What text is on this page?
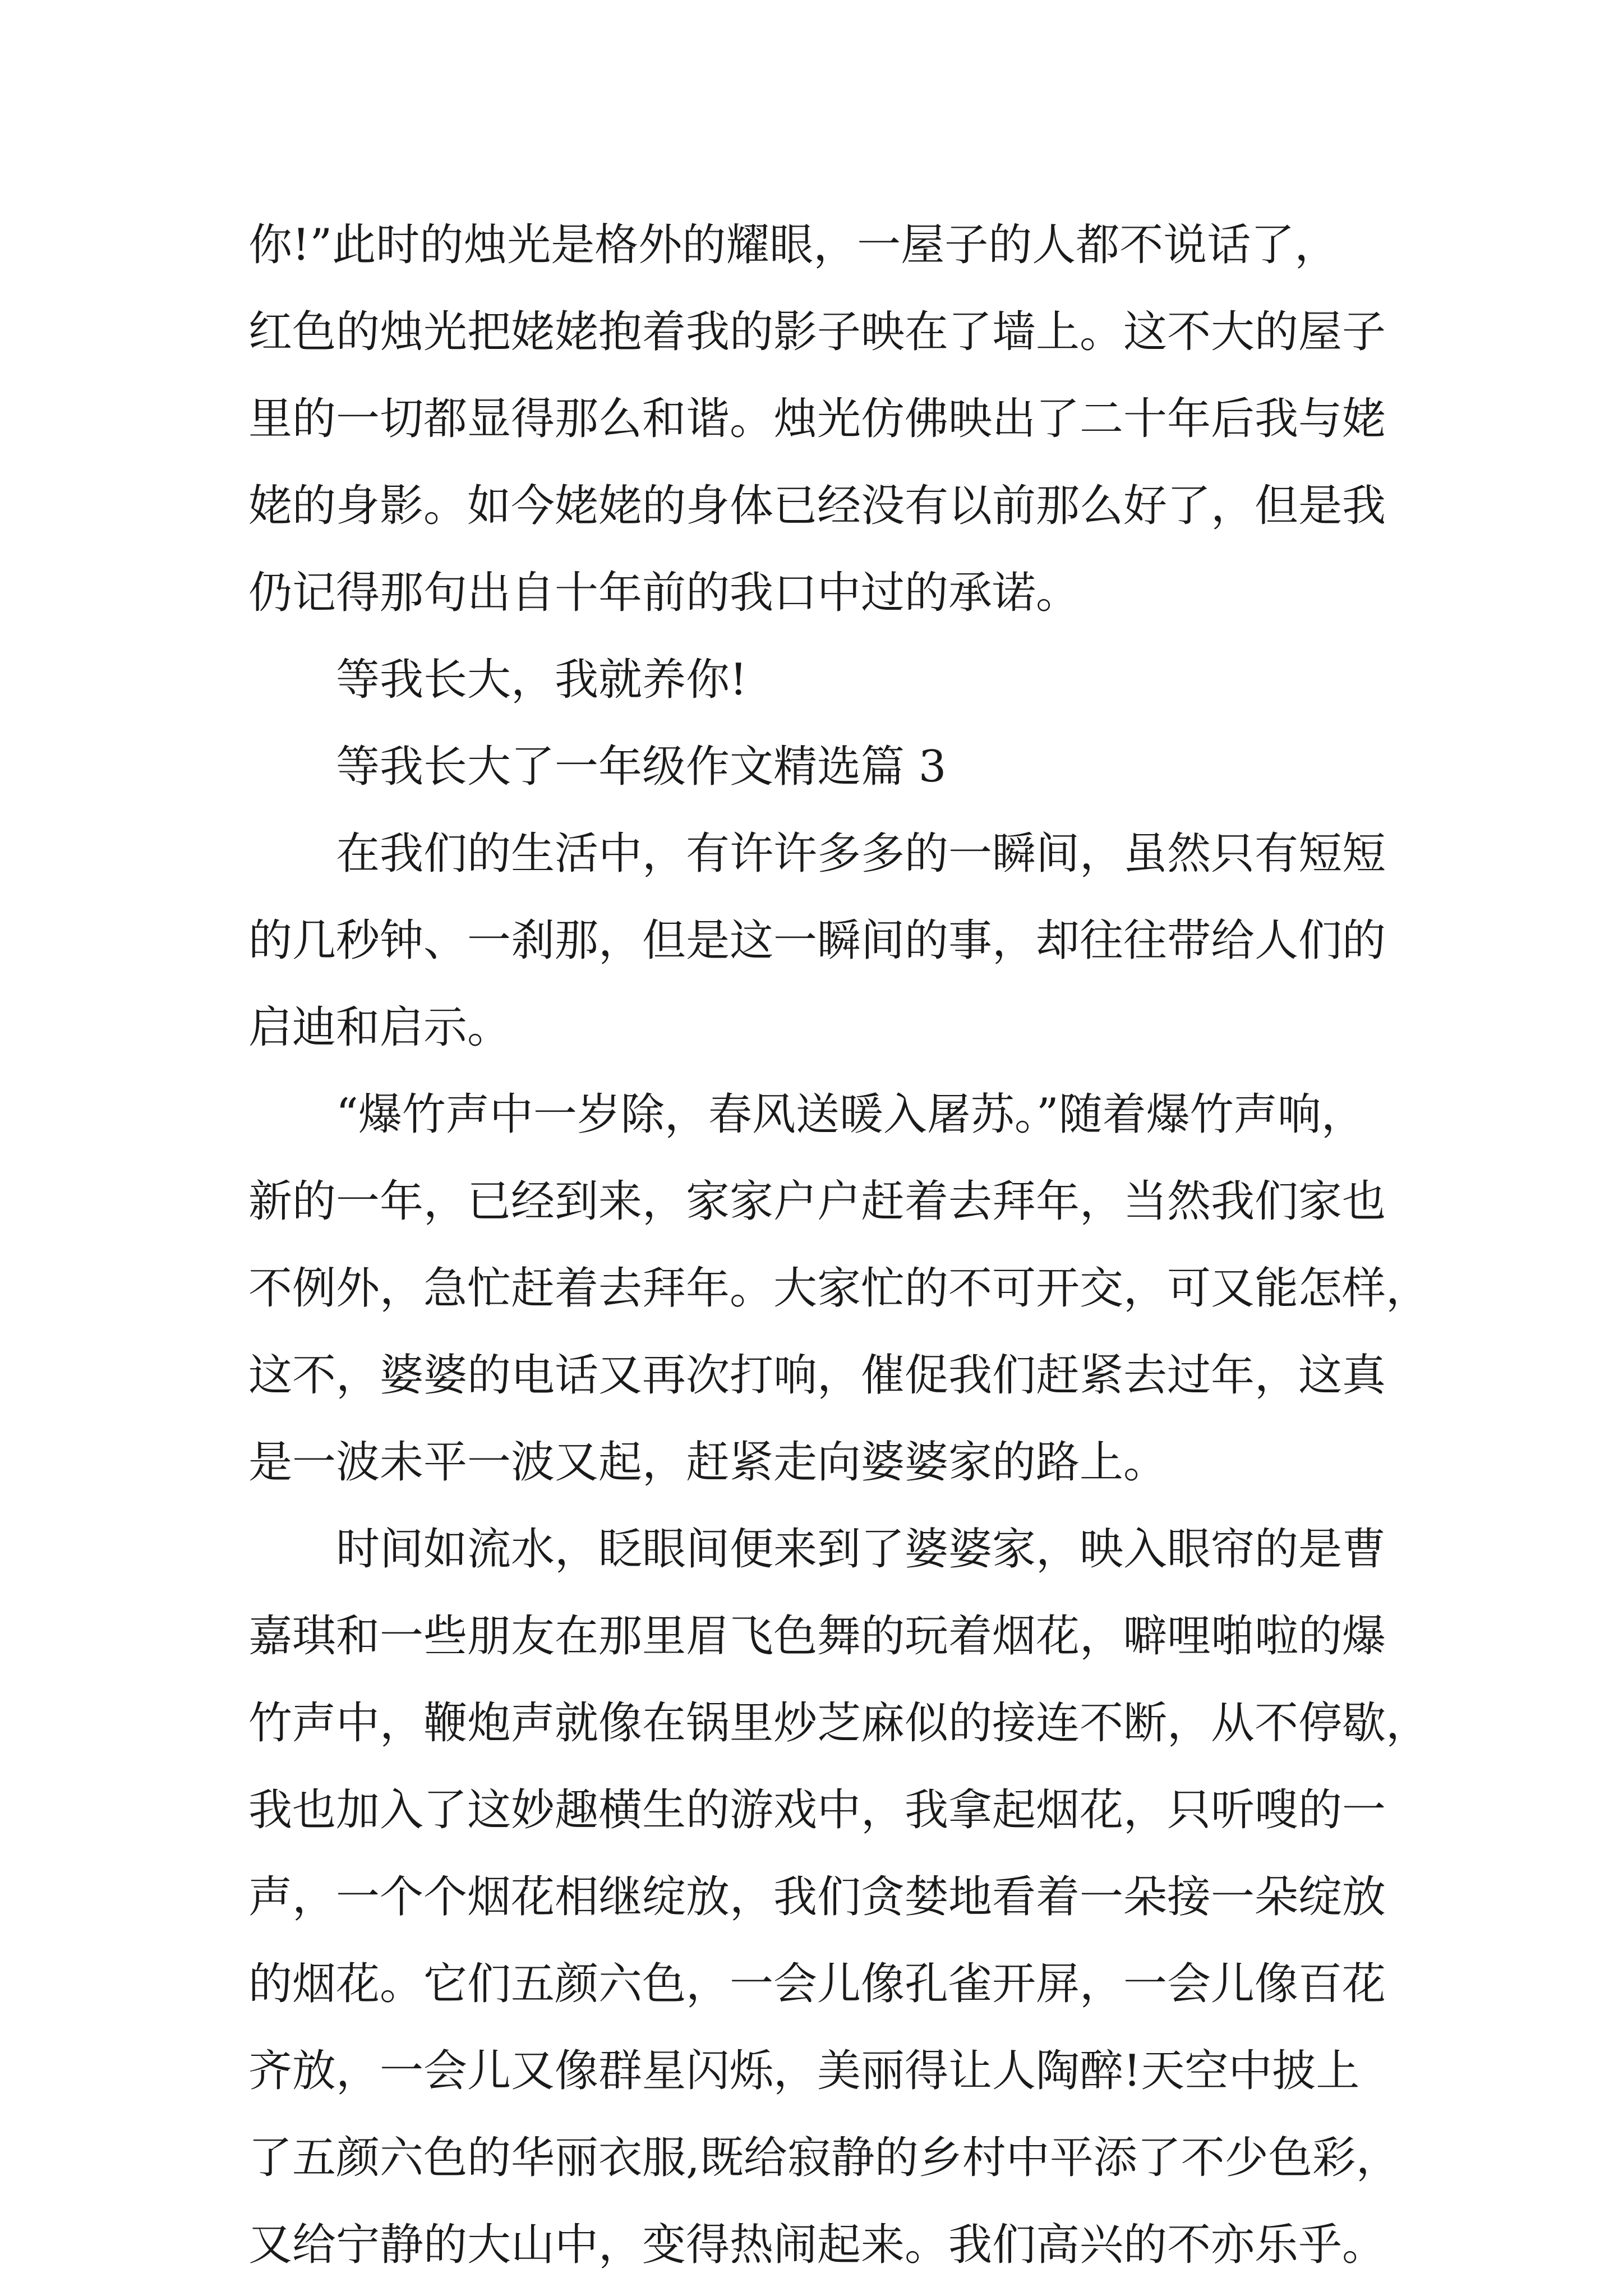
你!”此时的烛光是格外的耀眼，一屋子的人都不说话了，
红色的烛光把姥姥抱着我的影子映在了墙上。这不大的屋子
里的一切都显得那么和谐。烛光仿佛映出了二十年后我与姥
姥的身影。如今姥姥的身体已经没有以前那么好了，但是我
仍记得那句出自十年前的我口中过的承诺。
等我长大，我就养你!
等我长大了一年级作文精选篇 3
在我们的生活中，有许许多多的一瞬间，虽然只有短短
的几秒钟、一刹那，但是这一瞬间的事，却往往带给人们的
启迪和启示。
“爆竹声中一岁除，春风送暖入屠苏。”随着爆竹声响，
新的一年，已经到来，家家户户赶着去拜年，当然我们家也
不例外，急忙赶着去拜年。大家忙的不可开交，可又能怎样，
这不，婆婆的电话又再次打响，催促我们赶紧去过年，这真
是一波未平一波又起，赶紧走向婆婆家的路上。
时间如流水，眨眼间便来到了婆婆家，映入眼帘的是曹
嘉琪和一些朋友在那里眉飞色舞的玩着烟花，噼哩啪啦的爆
竹声中，鞭炮声就像在锅里炒芝麻似的接连不断，从不停歇，
我也加入了这妙趣横生的游戏中，我拿起烟花，只听嗖的一
声，一个个烟花相继绽放，我们贪婪地看着一朵接一朵绽放
的烟花。它们五颜六色，一会儿像孔雀开屏，一会儿像百花
齐放，一会儿又像群星闪烁，美丽得让人陶醉!天空中披上
了五颜六色的华丽衣服,既给寂静的乡村中平添了不少色彩，
又给宁静的大山中，变得热闹起来。我们高兴的不亦乐乎。
